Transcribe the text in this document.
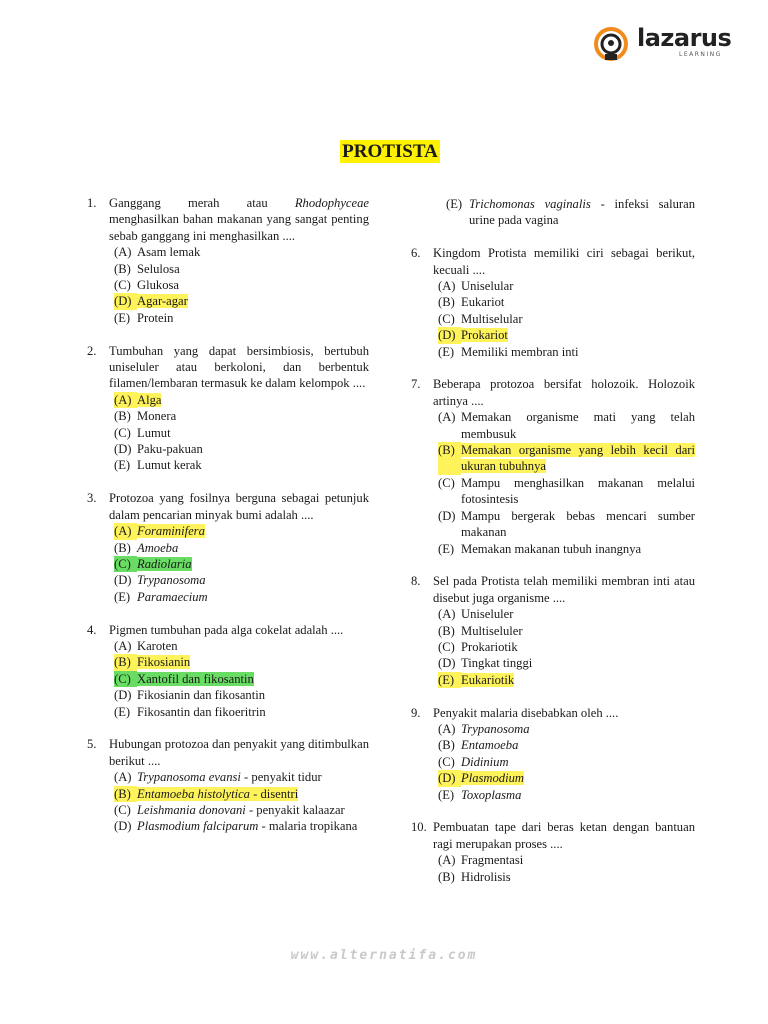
lazarus
LEARNING
PROTISTA
1. Ganggang merah atau Rhodophyceae menghasilkan bahan makanan yang sangat penting sebab ganggang ini menghasilkan ....
(A) Asam lemak
(B) Selulosa
(C) Glukosa
(D) Agar-agar
(E) Protein
2. Tumbuhan yang dapat bersimbiosis, bertubuh uniseluler atau berkoloni, dan berbentuk filamen/lembaran termasuk ke dalam kelompok ....
(A) Alga
(B) Monera
(C) Lumut
(D) Paku-pakuan
(E) Lumut kerak
3. Protozoa yang fosilnya berguna sebagai petunjuk dalam pencarian minyak bumi adalah ....
(A) Foraminifera
(B) Amoeba
(C) Radiolaria
(D) Trypanosoma
(E) Paramaecium
4. Pigmen tumbuhan pada alga cokelat adalah ....
(A) Karoten
(B) Fikosianin
(C) Xantofil dan fikosantin
(D) Fikosianin dan fikosantin
(E) Fikosantin dan fikoeritrin
5. Hubungan protozoa dan penyakit yang ditimbulkan berikut ....
(A) Trypanosoma evansi - penyakit tidur
(B) Entamoeba histolytica - disentri
(C) Leishmania donovani - penyakit kalaazar
(D) Plasmodium falciparum - malaria tropikana
(E) Trichomonas vaginalis - infeksi saluran urine pada vagina
6. Kingdom Protista memiliki ciri sebagai berikut, kecuali ....
(A) Uniselular
(B) Eukariot
(C) Multiselular
(D) Prokariot
(E) Memiliki membran inti
7. Beberapa protozoa bersifat holozoik. Holozoik artinya ....
(A) Memakan organisme mati yang telah membusuk
(B) Memakan organisme yang lebih kecil dari ukuran tubuhnya
(C) Mampu menghasilkan makanan melalui fotosintesis
(D) Mampu bergerak bebas mencari sumber makanan
(E) Memakan makanan tubuh inangnya
8. Sel pada Protista telah memiliki membran inti atau disebut juga organisme ....
(A) Uniseluler
(B) Multiseluler
(C) Prokariotik
(D) Tingkat tinggi
(E) Eukariotik
9. Penyakit malaria disebabkan oleh ....
(A) Trypanosoma
(B) Entamoeba
(C) Didinium
(D) Plasmodium
(E) Toxoplasma
10. Pembuatan tape dari beras ketan dengan bantuan ragi merupakan proses ....
(A) Fragmentasi
(B) Hidrolisis
www.alternatifa.com
